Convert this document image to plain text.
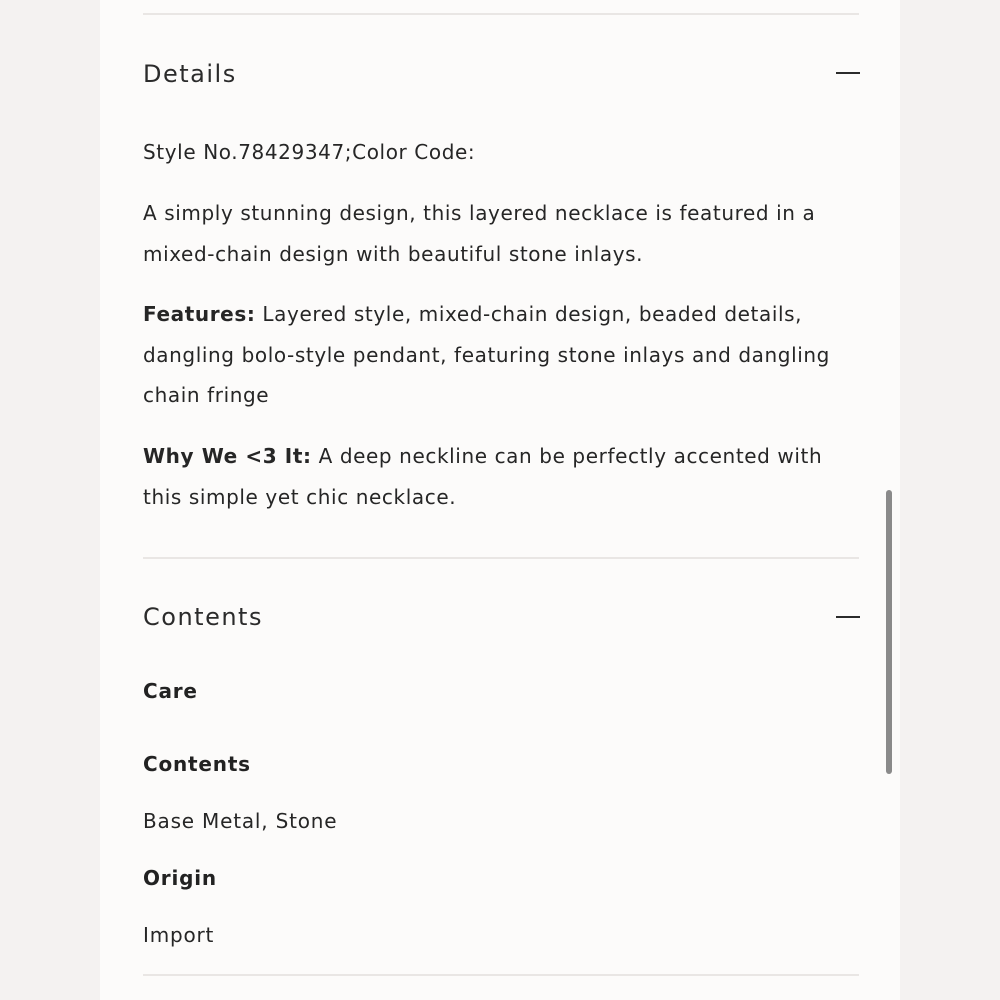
Details

Style No.78429347;Color Code:

A simply stunning design, this layered necklace is featured in a mixed-chain design with beautiful stone inlays.

Features: Layered style, mixed-chain design, beaded details, dangling bolo-style pendant, featuring stone inlays and dangling chain fringe

Why We <3 It: A deep neckline can be perfectly accented with this simple yet chic necklace.

Contents
Care
Contents
Base Metal, Stone
Origin
Import
